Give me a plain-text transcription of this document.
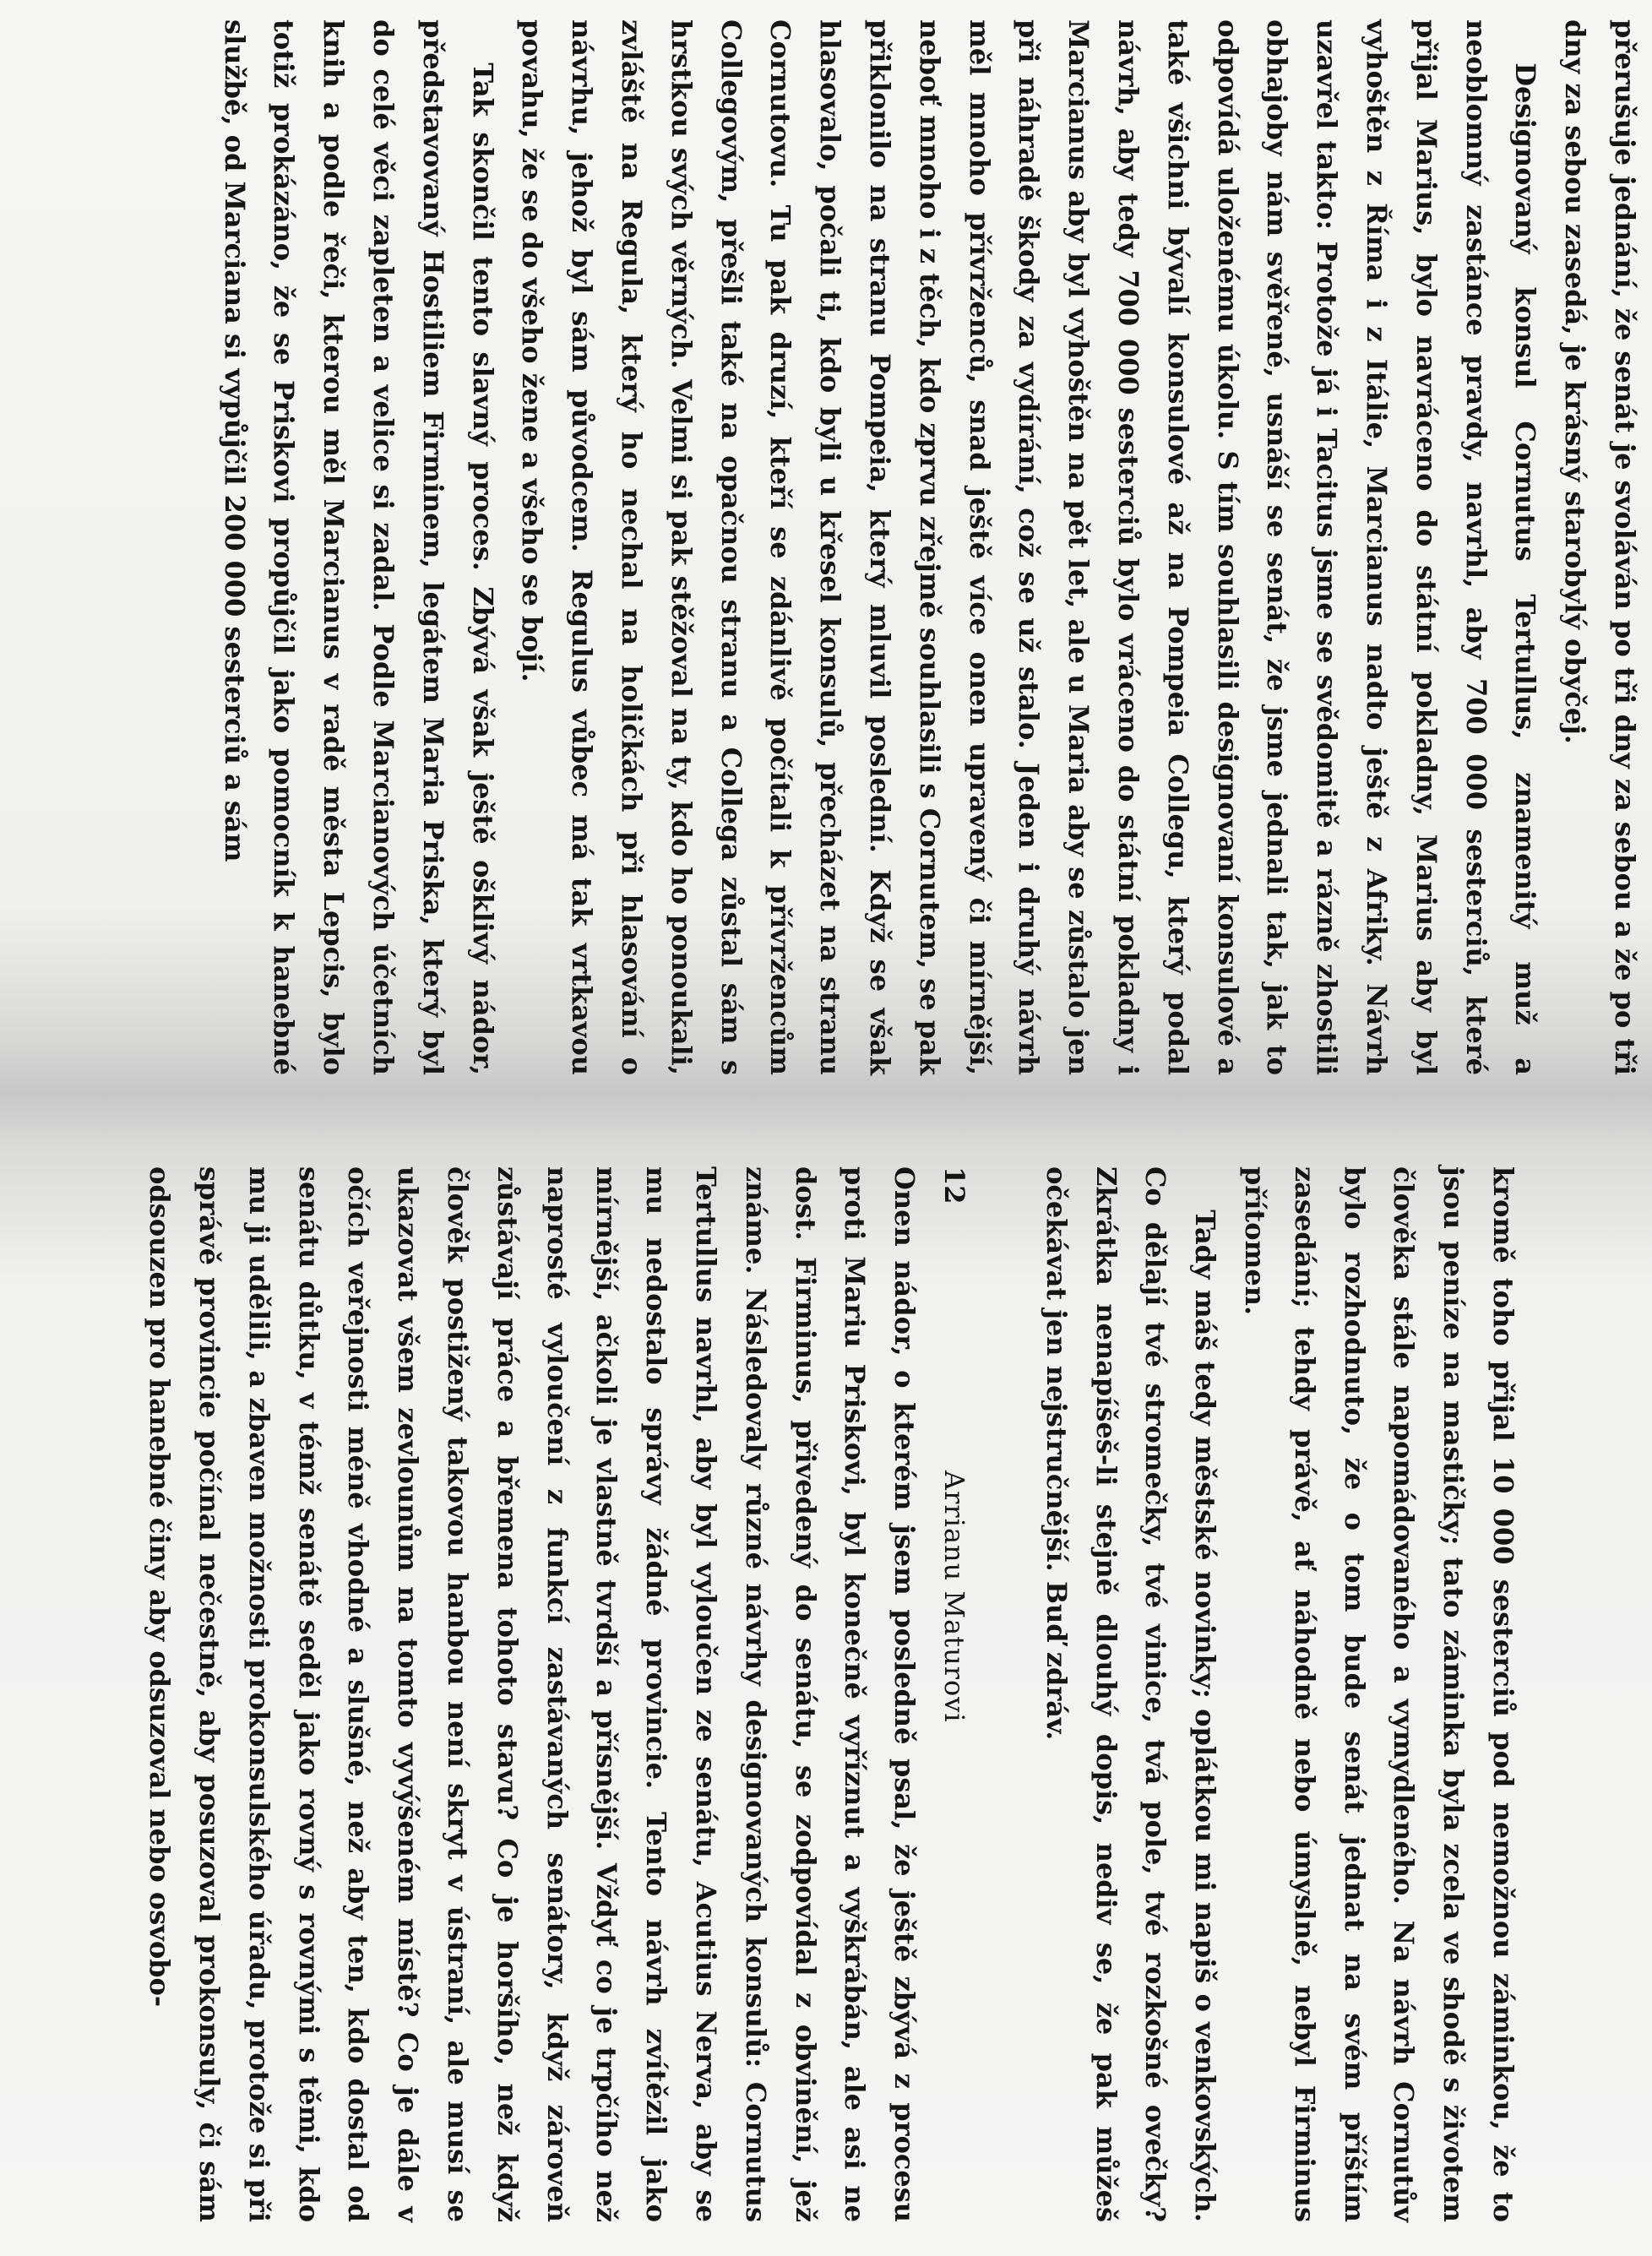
přerušuje jednání, že senát je svoláván po tři dny za sebou a že po tři dny za sebou zasedá, je krásný starobylý obyčej.

Designovaný konsul Cornutus Tertullus, znamenitý muž a neoblomný zastánce pravdy, navrhl, aby 700 000 sesterciů, které přijal Marius, bylo navráceno do státní pokladny, Marius aby byl vyhoštěn z Říma i z Itálie, Marcianus nadto ještě z Afriky. Návrh uzavřel takto: Protože já i Tacitus jsme se svědomitě a rázně zhostili obhajoby nám svěřené, usnáší se senát, že jsme jednali tak, jak to odpovídá uloženému úkolu. S tím souhlasili designovaní konsulové a také všichni bývalí konsulové až na Pompeia Collegu, který podal návrh, aby tedy 700 000 sesterciů bylo vráceno do státní pokladny i Marcianus aby byl vyhoštěn na pět let, ale u Maria aby se zůstalo jen při náhradě škody za vydírání, což se už stalo. Jeden i druhý návrh měl mnoho přívrženců, snad ještě více onen upravený či mírnější, neboť mnoho i z těch, kdo zprvu zřejmě souhlasili s Cornutem, se pak přiklonilo na stranu Pompeia, který mluvil poslední. Když se však hlasovalo, počali ti, kdo byli u křesel konsulů, přecházet na stranu Cornutovu. Tu pak druzí, kteří se zdánlivě počítali k přívržencům Collegovým, přešli také na opačnou stranu a Collega zůstal sám s hrstkou svých věrných. Velmi si pak stěžoval na ty, kdo ho ponoukali, zvláště na Regula, který ho nechal na holičkách při hlasování o návrhu, jehož byl sám původcem. Regulus vůbec má tak vrtkavou povahu, že se do všeho žene a všeho se bojí.

Tak skončil tento slavný proces. Zbývá však ještě ošklivý nádor, představovaný Hostiliem Firminem, legátem Maria Priska, který byl do celé věci zapleten a velice si zadal. Podle Marcianových účetních knih a podle řeči, kterou měl Marcianus v radě města Lepcis, bylo totiž prokázáno, že se Priskovi propůjčil jako pomocník k hanebné službě, od Marciana si vypůjčil 200 000 sesterciů a sám

kromě toho přijal 10 000 sesterciů pod nemožnou záminkou, že to jsou peníze na mastičky; tato záminka byla zcela ve shodě s životem člověka stále napomádovaného a vymydleného. Na návrh Cornutův bylo rozhodnuto, že o tom bude senát jednat na svém příštím zasedání; tehdy právě, ať náhodně nebo úmyslně, nebyl Firminus přítomen.

Tady máš tedy městské novinky; oplátkou mi napiš o venkovských. Co dělají tvé stromečky, tvé vinice, tvá pole, tvé rozkošné ovečky? Zkrátka nenapíšeš-li stejně dlouhý dopis, nediv se, že pak můžeš očekávat jen nejstručnější. Buď zdráv.

12
Arrianu Maturovi

Onen nádor, o kterém jsem posledně psal, že ještě zbývá z procesu proti Mariu Priskovi, byl konečně vyříznut a vyškrábán, ale asi ne dost. Firminus, přivedený do senátu, se zodpovídal z obvinění, jež známe. Následovaly různé návrhy designovaných konsulů: Cornutus Tertullus navrhl, aby byl vyloučen ze senátu, Acutius Nerva, aby se mu nedostalo správy žádné provincie. Tento návrh zvítězil jako mírnější, ačkoli je vlastně tvrdší a přísnější. Vždyť co je trpčího než naprosté vyloučení z funkcí zastávaných senátory, když zároveň zůstávají práce a břemena tohoto stavu? Co je horšího, než když člověk postižený takovou hanbou není skryt v ústraní, ale musí se ukazovat všem zevlounům na tomto vyvýšeném místě? Co je dále v očích veřejnosti méně vhodné a slušné, než aby ten, kdo dostal od senátu důtku, v témž senátě seděl jako rovný s rovnými s těmi, kdo mu ji udělili, a zbaven možnosti prokonsulského úřadu, protože si při správě provincie počínal nečestně, aby posuzoval prokonsuly, či sám odsouzen pro hanebné činy aby odsuzoval nebo osvobo-
